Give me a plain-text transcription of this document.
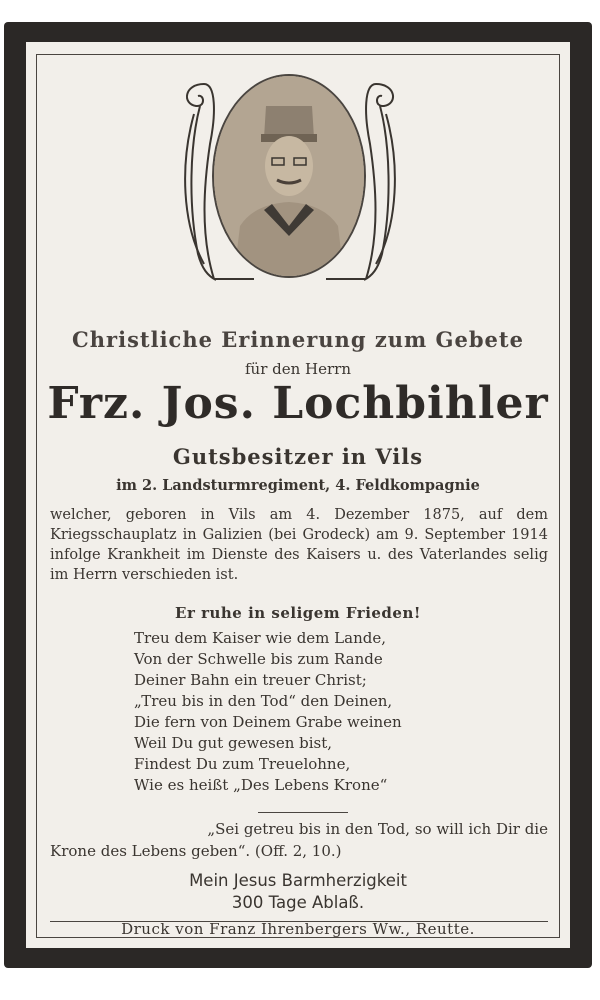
Christliche Erinnerung zum Gebete
für den Herrn
Frz. Jos. Lochbihler
Gutsbesitzer in Vils
im 2. Landsturmregiment, 4. Feldkompagnie
welcher, geboren in Vils am 4. Dezember 1875, auf dem Kriegsschauplatz in Galizien (bei Grodeck) am 9. September 1914 infolge Krankheit im Dienste des Kaisers u. des Vaterlandes selig im Herrn verschieden ist.
Er ruhe in seligem Frieden!
Treu dem Kaiser wie dem Lande,
Von der Schwelle bis zum Rande
Deiner Bahn ein treuer Christ;
„Treu bis in den Tod“ den Deinen,
Die fern von Deinem Grabe weinen
Weil Du gut gewesen bist,
Findest Du zum Treuelohne,
Wie es heißt „Des Lebens Krone“
„Sei getreu bis in den Tod, so will ich Dir die
Krone des Lebens geben“. (Off. 2, 10.)
Mein Jesus Barmherzigkeit
300 Tage Ablaß.
Druck von Franz Ihrenbergers Ww., Reutte.
